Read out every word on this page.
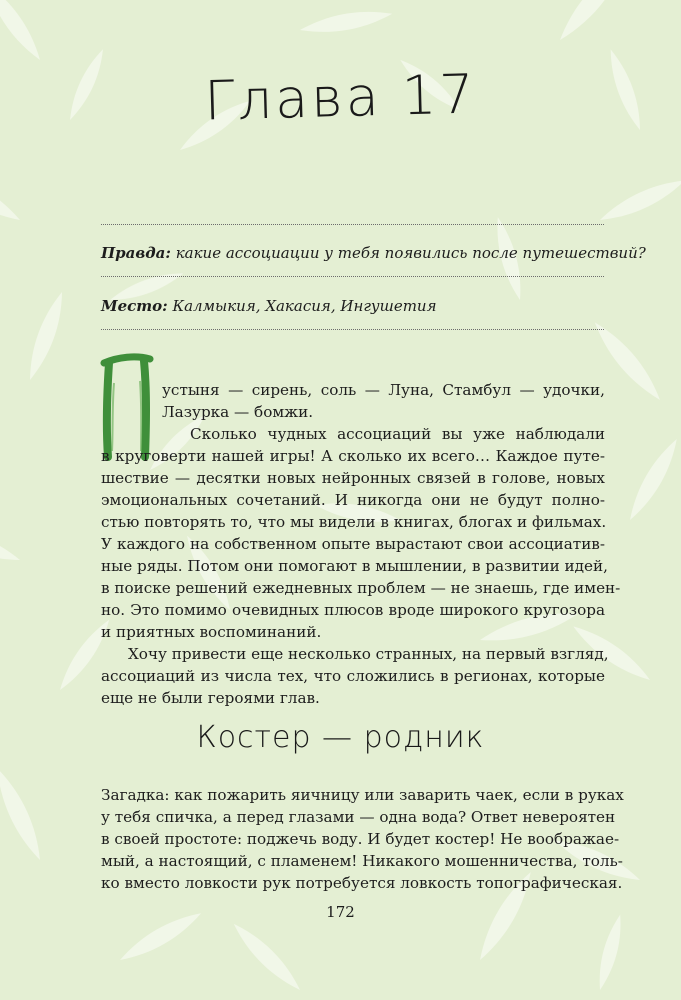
Глава 17
Правда: какие ассоциации у тебя появились после путешествий?
Место: Калмыкия, Хакасия, Ингушетия
П
устыня — сирень, соль — Луна, Стамбул — удочки,
Лазурка — бомжи.
Сколько чудных ассоциаций вы уже наблюдали
в круговерти нашей игры! А сколько их всего… Каждое путе-
шествие — десятки новых нейронных связей в голове, новых
эмоциональных сочетаний. И никогда они не будут полно-
стью повторять то, что мы видели в книгах, блогах и фильмах.
У каждого на собственном опыте вырастают свои ассоциатив-
ные ряды. Потом они помогают в мышлении, в развитии идей,
в поиске решений ежедневных проблем — не знаешь, где имен-
но. Это помимо очевидных плюсов вроде широкого кругозора
и приятных воспоминаний.
Хочу привести еще несколько странных, на первый взгляд,
ассоциаций из числа тех, что сложились в регионах, которые
еще не были героями глав.
Костер — родник
Загадка: как пожарить яичницу или заварить чаек, если в руках
у тебя спичка, а перед глазами — одна вода? Ответ невероятен
в своей простоте: поджечь воду. И будет костер! Не воображае-
мый, а настоящий, с пламенем! Никакого мошенничества, толь-
ко вместо ловкости рук потребуется ловкость топографическая.
172
